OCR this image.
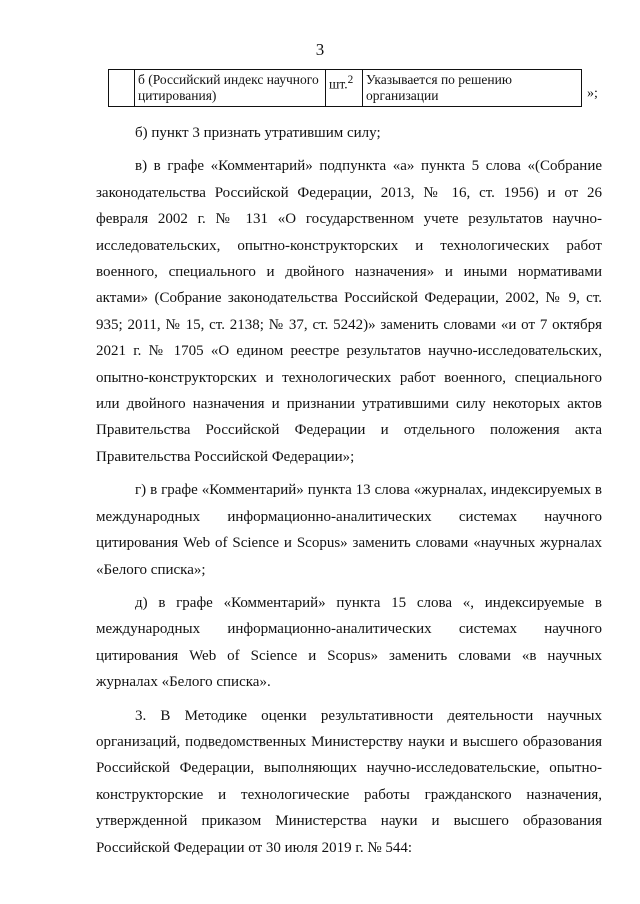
3
	б (Российский индекс научного цитирования)	шт.$^2$	Указывается по решению организации	»;

б) пункт 3 признать утратившим силу;

в) в графе «Комментарий» подпункта «а» пункта 5 слова «(Собрание законодательства Российской Федерации, 2013, № 16, ст. 1956) и от 26 февраля 2002 г. № 131 «О государственном учете результатов научно-исследовательских, опытно-конструкторских и технологических работ военного, специального и двойного назначения» и иными нормативами актами» (Собрание законодательства Российской Федерации, 2002, № 9, ст. 935; 2011, № 15, ст. 2138; № 37, ст. 5242)» заменить словами «и от 7 октября 2021 г. № 1705 «О едином реестре результатов научно-исследовательских, опытно-конструкторских и технологических работ военного, специального или двойного назначения и признании утратившими силу некоторых актов Правительства Российской Федерации и отдельного положения акта Правительства Российской Федерации»;

г) в графе «Комментарий» пункта 13 слова «журналах, индексируемых в международных информационно-аналитических системах научного цитирования Web of Science и Scopus» заменить словами «научных журналах «Белого списка»;

д) в графе «Комментарий» пункта 15 слова «, индексируемые в международных информационно-аналитических системах научного цитирования Web of Science и Scopus» заменить словами «в научных журналах «Белого списка».

3. В Методике оценки результативности деятельности научных организаций, подведомственных Министерству науки и высшего образования Российской Федерации, выполняющих научно-исследовательские, опытно-конструкторские и технологические работы гражданского назначения, утвержденной приказом Министерства науки и высшего образования Российской Федерации от 30 июля 2019 г. № 544:
